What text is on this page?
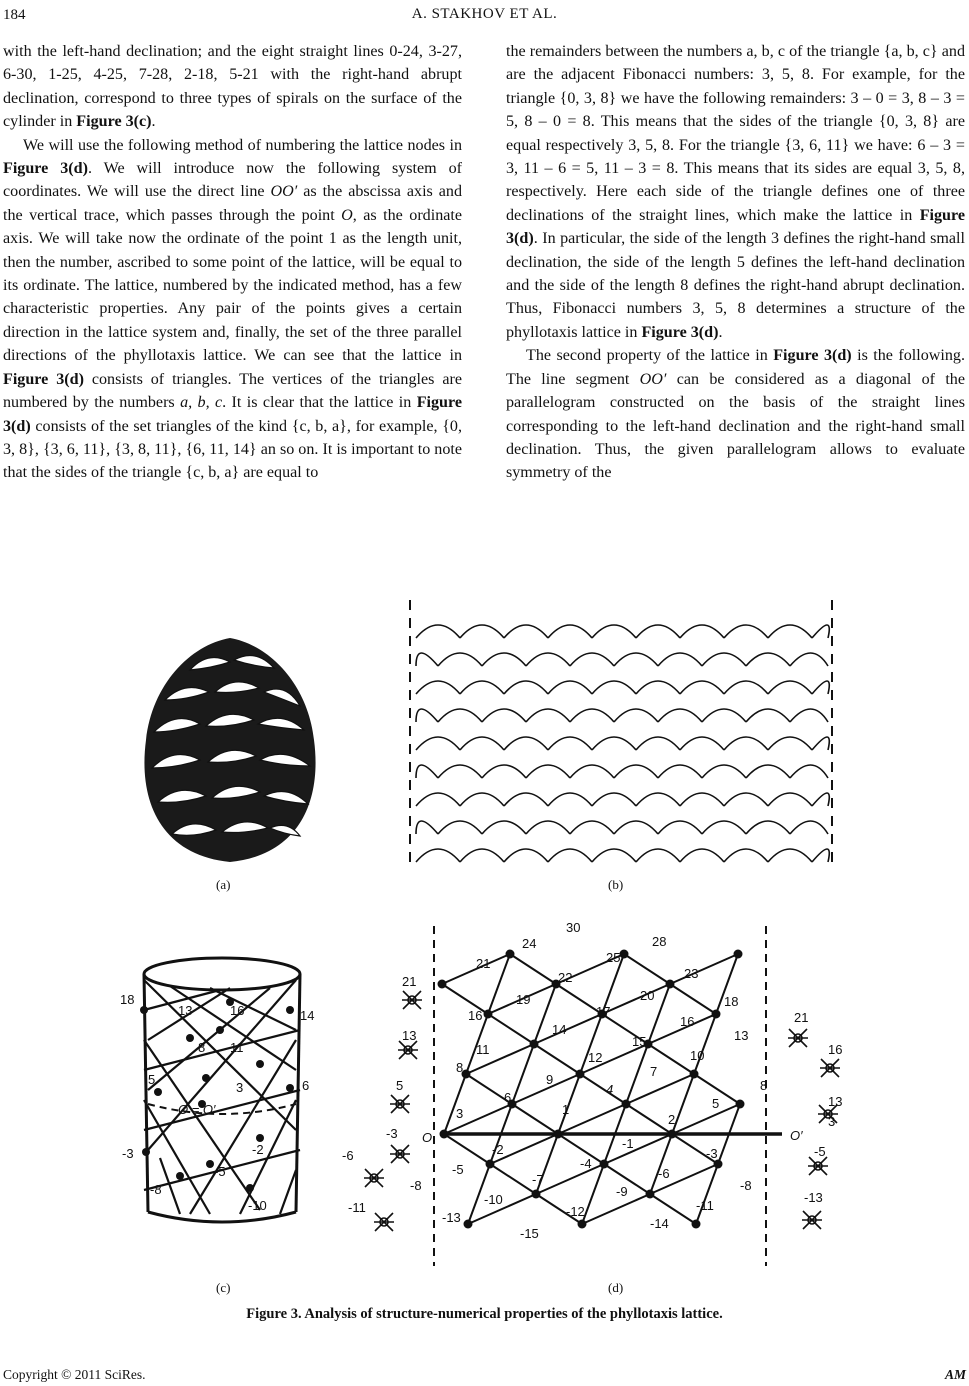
184	A. STAKHOV ET AL.

with the left-hand declination; and the eight straight lines 0-24, 3-27, 6-30, 1-25, 4-25, 7-28, 2-18, 5-21 with the right-hand abrupt declination, correspond to three types of spirals on the surface of the cylinder in Figure 3(c).

We will use the following method of numbering the lattice nodes in Figure 3(d). We will introduce now the following system of coordinates. We will use the direct line OO′ as the abscissa axis and the vertical trace, which passes through the point O, as the ordinate axis. We will take now the ordinate of the point 1 as the length unit, then the number, ascribed to some point of the lattice, will be equal to its ordinate. The lattice, numbered by the indicated method, has a few characteristic properties. Any pair of the points gives a certain direction in the lattice system and, finally, the set of the three parallel directions of the phyllotaxis lattice. We can see that the lattice in Figure 3(d) consists of triangles. The vertices of the triangles are numbered by the numbers a, b, c. It is clear that the lattice in Figure 3(d) consists of the set triangles of the kind {c, b, a}, for example, {0, 3, 8}, {3, 6, 11}, {3, 8, 11}, {6, 11, 14} an so on. It is important to note that the sides of the triangle {c, b, a} are equal to

the remainders between the numbers a, b, c of the triangle {a, b, c} and are the adjacent Fibonacci numbers: 3, 5, 8. For example, for the triangle {0, 3, 8} we have the following remainders: 3 – 0 = 3, 8 – 3 = 5, 8 – 0 = 8. This means that the sides of the triangle {0, 3, 8} are equal respectively 3, 5, 8. For the triangle {3, 6, 11} we have: 6 – 3 = 3, 11 – 6 = 5, 11 – 3 = 8. This means that its sides are equal 3, 5, 8, respectively. Here each side of the triangle defines one of three declinations of the straight lines, which make the lattice in Figure 3(d). In particular, the side of the length 3 defines the right-hand small declination, the side of the length 5 defines the left-hand declination and the side of the length 8 defines the right-hand abrupt declination. Thus, Fibonacci numbers 3, 5, 8 determines a structure of the phyllotaxis lattice in Figure 3(d).

The second property of the lattice in Figure 3(d) is the following. The line segment OO′ can be considered as a diagonal of the parallelogram constructed on the basis of the straight lines corresponding to the left-hand declination and the right-hand small declination. Thus, the given parallelogram allows to evaluate symmetry of the

(a)	(b)
18
13	16	14
8 11
5
3	6
O = O′
-3	-2
-5
-8
-10
30
24	28
21	25
22	23
21
19	20
16	17
18
21
13	14
16
16
13
11
15
10
13
8
12
7
5	9
4	8
3
6
1	5
3
2
-3 O
-2	-1
-3
O′
-5
-6	-5
-4
-7	-6
-8	-8
-9
-10
-11	-11
-13
-12
-13	-14
-15
(c)	(d)
Figure 3. Analysis of structure-numerical properties of the phyllotaxis lattice.
Copyright © 2011 SciRes.	AM
